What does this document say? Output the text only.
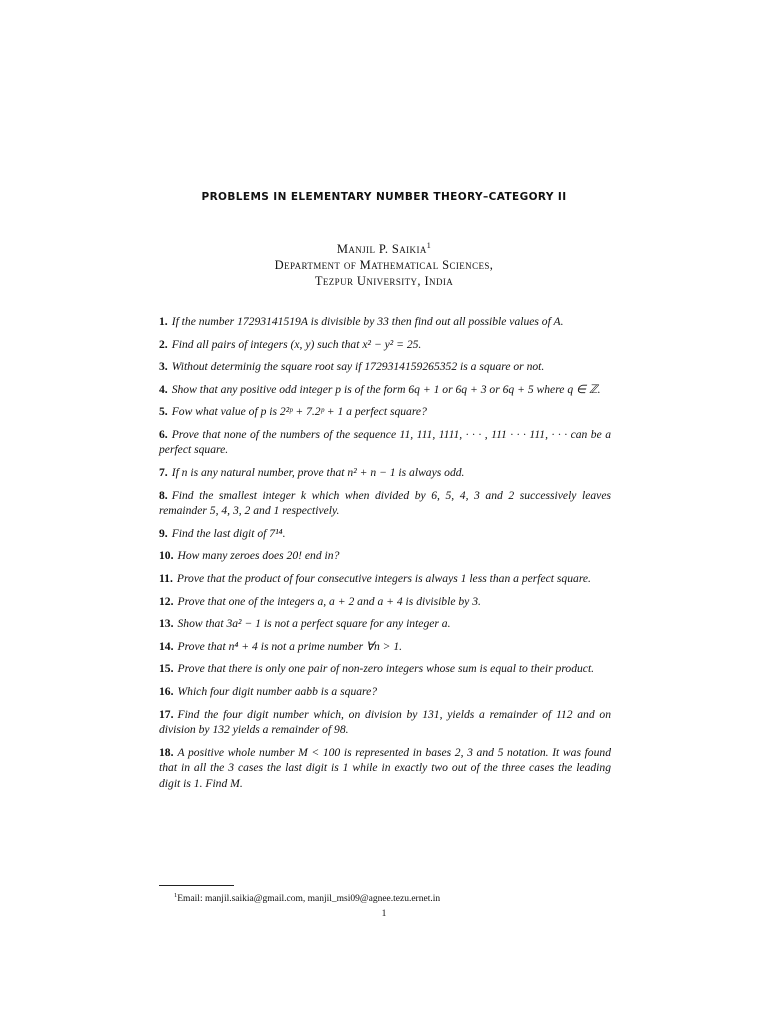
PROBLEMS IN ELEMENTARY NUMBER THEORY–CATEGORY II
Manjil P. Saikia$^1$
Department of Mathematical Sciences,
Tezpur University, India
1. If the number 17293141519A is divisible by 33 then find out all possible values of A.
2. Find all pairs of integers (x, y) such that x² − y² = 25.
3. Without determinig the square root say if 1729314159265352 is a square or not.
4. Show that any positive odd integer p is of the form 6q + 1 or 6q + 3 or 6q + 5 where q ∈ ℤ.
5. Fow what value of p is 2²ᵖ + 7.2ᵖ + 1 a perfect square?
6. Prove that none of the numbers of the sequence 11, 111, 1111, · · · , 111 · · · 111, · · · can be a perfect square.
7. If n is any natural number, prove that n² + n − 1 is always odd.
8. Find the smallest integer k which when divided by 6, 5, 4, 3 and 2 successively leaves remainder 5, 4, 3, 2 and 1 respectively.
9. Find the last digit of 7¹⁴.
10. How many zeroes does 20! end in?
11. Prove that the product of four consecutive integers is always 1 less than a perfect square.
12. Prove that one of the integers a, a + 2 and a + 4 is divisible by 3.
13. Show that 3a² − 1 is not a perfect square for any integer a.
14. Prove that n⁴ + 4 is not a prime number ∀n > 1.
15. Prove that there is only one pair of non-zero integers whose sum is equal to their product.
16. Which four digit number aabb is a square?
17. Find the four digit number which, on division by 131, yields a remainder of 112 and on division by 132 yields a remainder of 98.
18. A positive whole number M < 100 is represented in bases 2, 3 and 5 notation. It was found that in all the 3 cases the last digit is 1 while in exactly two out of the three cases the leading digit is 1. Find M.
$^1$Email: manjil.saikia@gmail.com, manjil_msi09@agnee.tezu.ernet.in
1
